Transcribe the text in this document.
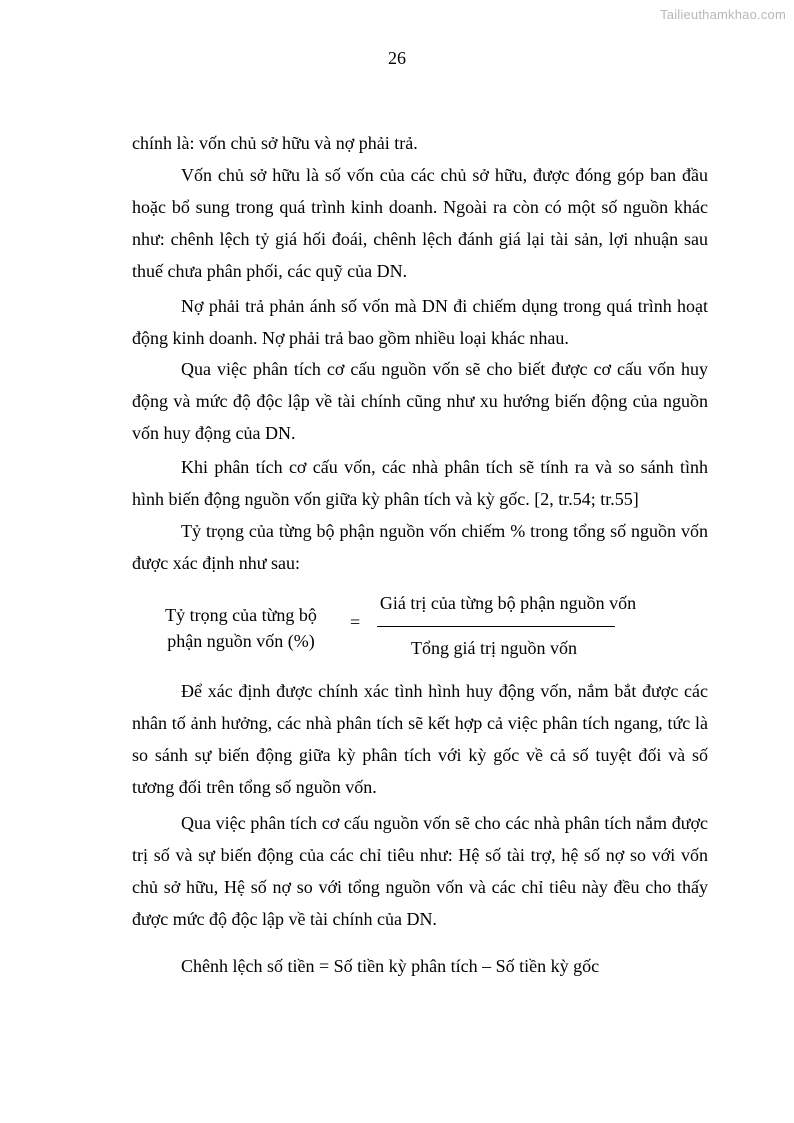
Tailieuthamkhao.com
26

chính là: vốn chủ sở hữu và nợ phải trả.

Vốn chủ sở hữu là số vốn của các chủ sở hữu, được đóng góp ban đầu hoặc bổ sung trong quá trình kinh doanh. Ngoài ra còn có một số nguồn khác như: chênh lệch tỷ giá hối đoái, chênh lệch đánh giá lại tài sản, lợi nhuận sau thuế chưa phân phối, các quỹ của DN.

Nợ phải trả phản ánh số vốn mà DN đi chiếm dụng trong quá trình hoạt động kinh doanh. Nợ phải trả bao gồm nhiều loại khác nhau.

Qua việc phân tích cơ cấu nguồn vốn sẽ cho biết được cơ cấu vốn huy động và mức độ độc lập về tài chính cũng như xu hướng biến động của nguồn vốn huy động của DN.

Khi phân tích cơ cấu vốn, các nhà phân tích sẽ tính ra và so sánh tình hình biến động nguồn vốn giữa kỳ phân tích và kỳ gốc. [2, tr.54; tr.55]

Tỷ trọng của từng bộ phận nguồn vốn chiếm % trong tổng số nguồn vốn được xác định như sau:

Tỷ trọng của từng bộ
phận nguồn vốn (%)
=
Giá trị của từng bộ phận nguồn vốn
Tổng giá trị nguồn vốn

Để xác định được chính xác tình hình huy động vốn, nắm bắt được các nhân tố ảnh hưởng, các nhà phân tích sẽ kết hợp cả việc phân tích ngang, tức là so sánh sự biến động giữa kỳ phân tích với kỳ gốc về cả số tuyệt đối và số tương đối trên tổng số nguồn vốn.

Qua việc phân tích cơ cấu nguồn vốn sẽ cho các nhà phân tích nắm được trị số và sự biến động của các chỉ tiêu như: Hệ số tài trợ, hệ số nợ so với vốn chủ sở hữu, Hệ số nợ so với tổng nguồn vốn và các chỉ tiêu này đều cho thấy được mức độ độc lập về tài chính của DN.

Chênh lệch số tiền = Số tiền kỳ phân tích – Số tiền kỳ gốc
